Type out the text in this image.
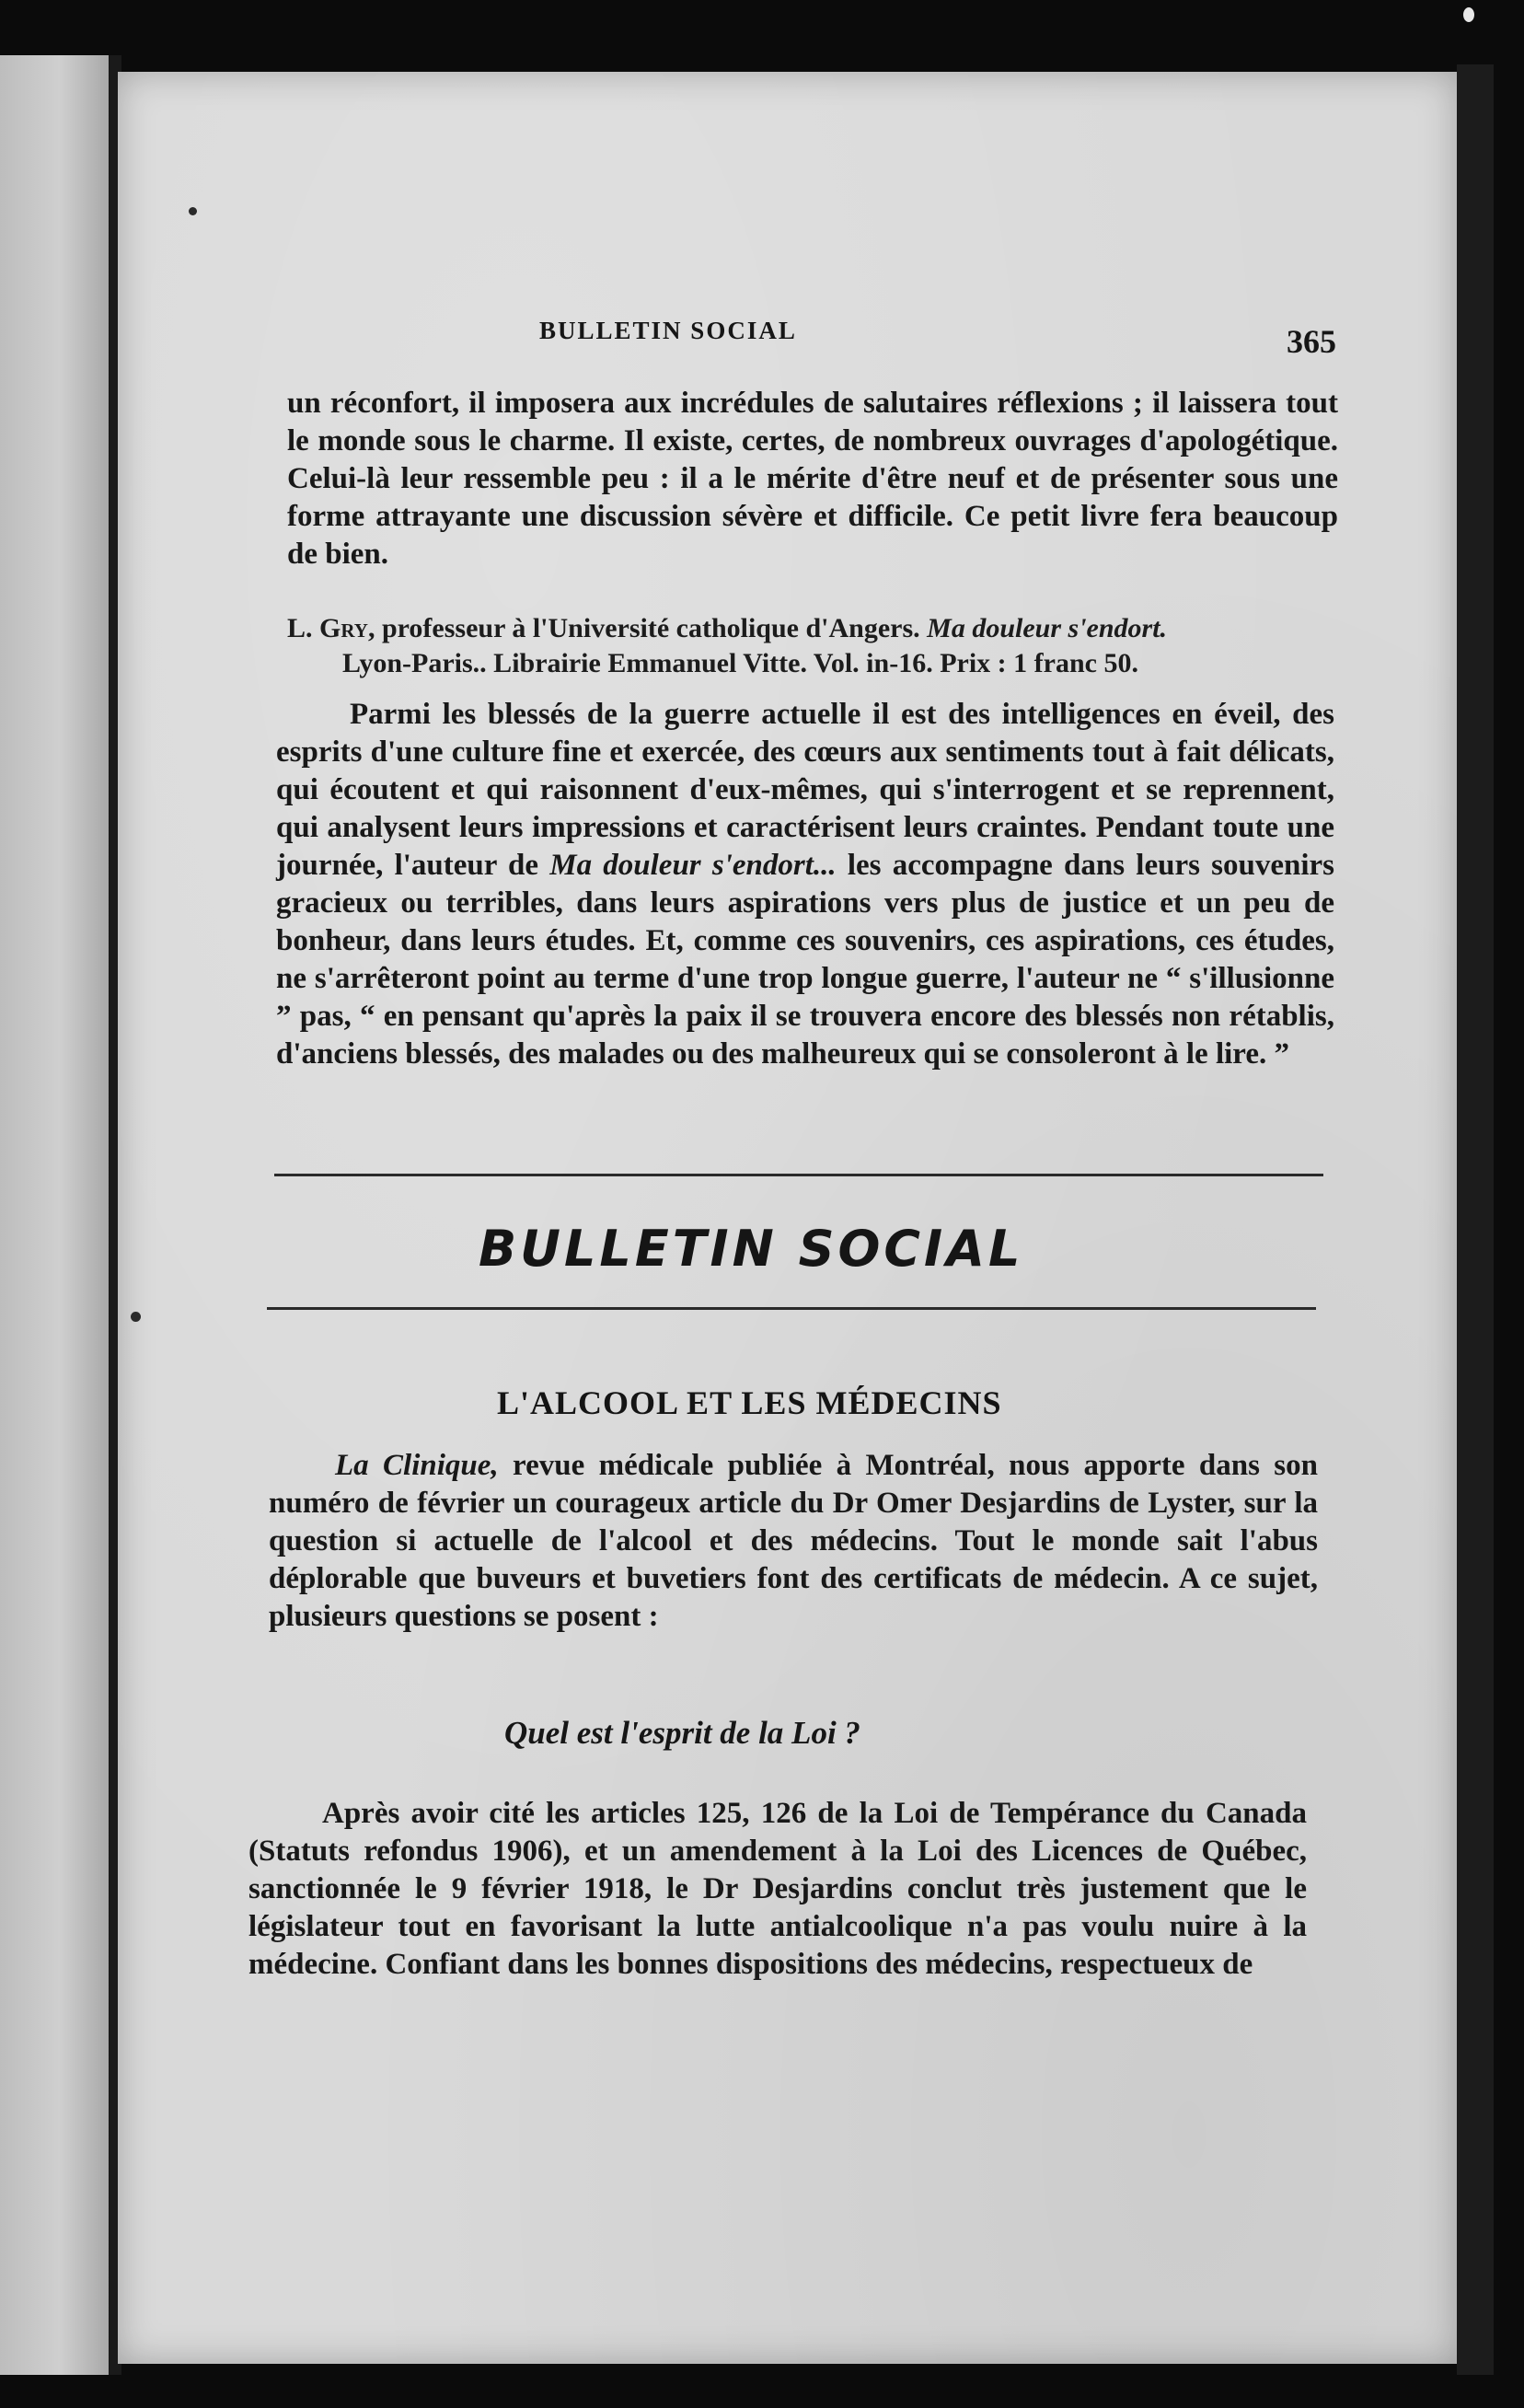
BULLETIN SOCIAL	365
un réconfort, il imposera aux incrédules de salutaires réflexions ; il laissera tout le monde sous le charme. Il existe, certes, de nombreux ouvrages d'apologétique. Celui-là leur ressemble peu : il a le mérite d'être neuf et de présenter sous une forme attrayante une discussion sévère et difficile. Ce petit livre fera beaucoup de bien.
L. Gry, professeur à l'Université catholique d'Angers. Ma douleur s'endort.
Lyon-Paris.. Librairie Emmanuel Vitte. Vol. in-16. Prix : 1 franc 50.
Parmi les blessés de la guerre actuelle il est des intelligences en éveil, des esprits d'une culture fine et exercée, des cœurs aux sentiments tout à fait délicats, qui écoutent et qui raisonnent d'eux-mêmes, qui s'interrogent et se reprennent, qui analysent leurs impressions et caractérisent leurs craintes. Pendant toute une journée, l'auteur de Ma douleur s'endort... les accompagne dans leurs souvenirs gracieux ou terribles, dans leurs aspirations vers plus de justice et un peu de bonheur, dans leurs études. Et, comme ces souvenirs, ces aspirations, ces études, ne s'arrêteront point au terme d'une trop longue guerre, l'auteur ne “ s'illusionne ” pas, “ en pensant qu'après la paix il se trouvera encore des blessés non rétablis, d'anciens blessés, des malades ou des malheureux qui se consoleront à le lire. ”
BULLETIN SOCIAL
L'ALCOOL ET LES MÉDECINS
La Clinique, revue médicale publiée à Montréal, nous apporte dans son numéro de février un courageux article du Dr Omer Desjardins de Lyster, sur la question si actuelle de l'alcool et des médecins. Tout le monde sait l'abus déplorable que buveurs et buvetiers font des certificats de médecin. A ce sujet, plusieurs questions se posent :
Quel est l'esprit de la Loi ?
Après avoir cité les articles 125, 126 de la Loi de Tempérance du Canada (Statuts refondus 1906), et un amendement à la Loi des Licences de Québec, sanctionnée le 9 février 1918, le Dr Desjardins conclut très justement que le législateur tout en favorisant la lutte antialcoolique n'a pas voulu nuire à la médecine. Confiant dans les bonnes dispositions des médecins, respectueux de
